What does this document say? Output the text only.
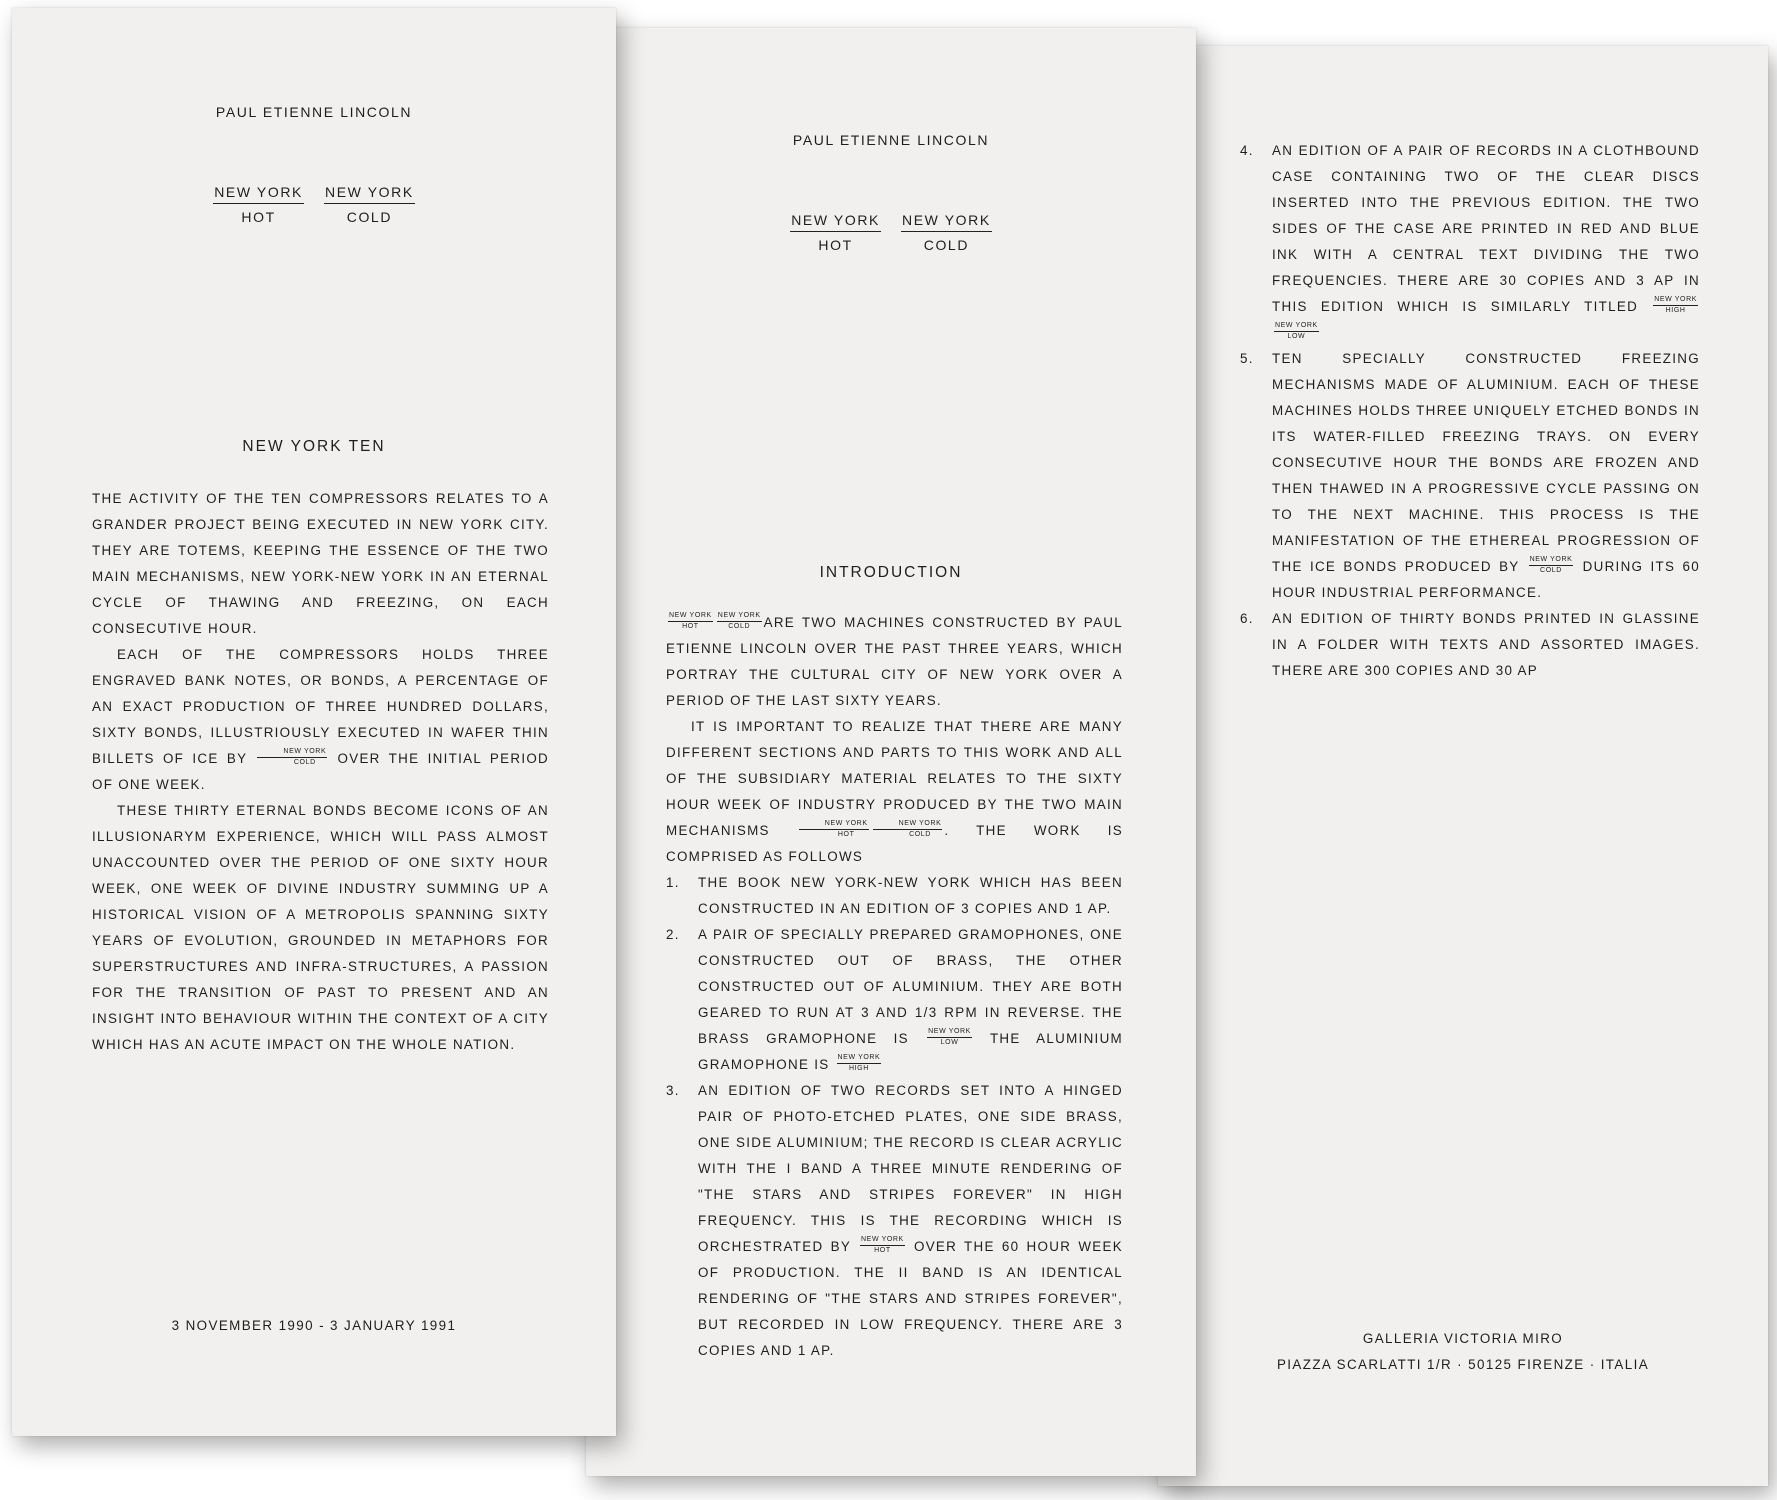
PAUL ETIENNE LINCOLN
$\frac{\text{NEW YORK}}{\text{HOT}} \frac{\text{NEW YORK}}{\text{COLD}}$
NEW YORK TEN

THE ACTIVITY OF THE TEN COMPRESSORS RELATES TO A GRANDER PROJECT BEING EXECUTED IN NEW YORK CITY. THEY ARE TOTEMS, KEEPING THE ESSENCE OF THE TWO MAIN MECHANISMS, NEW YORK-NEW YORK IN AN ETERNAL CYCLE OF THAWING AND FREEZING, ON EACH CONSECUTIVE HOUR.

EACH OF THE COMPRESSORS HOLDS THREE ENGRAVED BANK NOTES, OR BONDS, A PERCENTAGE OF AN EXACT PRODUCTION OF THREE HUNDRED DOLLARS, SIXTY BONDS, ILLUSTRIOUSLY EXECUTED IN WAFER THIN BILLETS OF ICE BY	NEW YORK
COLD OVER THE INITIAL PERIOD OF ONE WEEK.

THESE THIRTY ETERNAL BONDS BECOME ICONS OF AN ILLUSIONARYM EXPERIENCE, WHICH WILL PASS ALMOST UNACCOUNTED OVER THE PERIOD OF ONE SIXTY HOUR WEEK, ONE WEEK OF DIVINE INDUSTRY SUMMING UP A HISTORICAL VISION OF A METROPOLIS SPANNING SIXTY YEARS OF EVOLUTION, GROUNDED IN METAPHORS FOR SUPERSTRUCTURES AND INFRA-STRUCTURES, A PASSION FOR THE TRANSITION OF PAST TO PRESENT AND AN INSIGHT INTO BEHAVIOUR WITHIN THE CONTEXT OF A CITY WHICH HAS AN ACUTE IMPACT ON THE WHOLE NATION.

3 NOVEMBER 1990 - 3 JANUARY 1991
PAUL ETIENNE LINCOLN
$\frac{\text{NEW YORK}}{\text{HOT}} \frac{\text{NEW YORK}}{\text{COLD}}$
INTRODUCTION

NEW YORK
HOT
NEW YORK
COLD ARE TWO MACHINES CONSTRUCTED BY PAUL ETIENNE LINCOLN OVER THE PAST THREE YEARS, WHICH PORTRAY THE CULTURAL CITY OF NEW YORK OVER A PERIOD OF THE LAST SIXTY YEARS.

IT IS IMPORTANT TO REALIZE THAT THERE ARE MANY DIFFERENT SECTIONS AND PARTS TO THIS WORK AND ALL OF THE SUBSIDIARY MATERIAL RELATES TO THE SIXTY HOUR WEEK OF INDUSTRY PRODUCED BY THE TWO MAIN MECHANISMS	NEW YORK
HOT
NEW YORK
COLD . THE WORK IS COMPRISED AS FOLLOWS

1. THE BOOK NEW YORK-NEW YORK WHICH HAS BEEN CONSTRUCTED IN AN EDITION OF 3 COPIES AND 1 AP.
2. A PAIR OF SPECIALLY PREPARED GRAMOPHONES, ONE CONSTRUCTED OUT OF BRASS, THE OTHER CONSTRUCTED OUT OF ALUMINIUM. THEY ARE BOTH GEARED TO RUN AT 3 AND 1/3 RPM IN REVERSE. THE BRASS GRAMOPHONE IS	NEW YORK
LOW THE ALUMINIUM GRAMOPHONE IS NEW YORK
HIGH
3. AN EDITION OF TWO RECORDS SET INTO A HINGED PAIR OF PHOTO-ETCHED PLATES, ONE SIDE BRASS, ONE SIDE ALUMINIUM; THE RECORD IS CLEAR ACRYLIC WITH THE I BAND A THREE MINUTE RENDERING OF "THE STARS AND STRIPES FOREVER" IN HIGH FREQUENCY. THIS IS THE RECORDING WHICH IS ORCHESTRATED BY NEW YORK
HOT OVER THE 60 HOUR WEEK OF PRODUCTION. THE II BAND IS AN IDENTICAL RENDERING OF "THE STARS AND STRIPES FOREVER", BUT RECORDED IN LOW FREQUENCY. THERE ARE 3 COPIES AND 1 AP.
4. AN EDITION OF A PAIR OF RECORDS IN A CLOTHBOUND CASE CONTAINING TWO OF THE CLEAR DISCS INSERTED INTO THE PREVIOUS EDITION. THE TWO SIDES OF THE CASE ARE PRINTED IN RED AND BLUE INK WITH A CENTRAL TEXT DIVIDING THE TWO FREQUENCIES. THERE ARE 30 COPIES AND 3 AP IN THIS EDITION WHICH IS SIMILARLY TITLED NEW YORK
HIGH
NEW YORK
LOW
5. TEN SPECIALLY CONSTRUCTED FREEZING MECHANISMS MADE OF ALUMINIUM. EACH OF THESE MACHINES HOLDS THREE UNIQUELY ETCHED BONDS IN ITS WATER-FILLED FREEZING TRAYS. ON EVERY CONSECUTIVE HOUR THE BONDS ARE FROZEN AND THEN THAWED IN A PROGRESSIVE CYCLE PASSING ON TO THE NEXT MACHINE. THIS PROCESS IS THE MANIFESTATION OF THE ETHEREAL PROGRESSION OF THE ICE BONDS PRODUCED BY NEW YORK
COLD DURING ITS 60 HOUR INDUSTRIAL PERFORMANCE.
6. AN EDITION OF THIRTY BONDS PRINTED IN GLASSINE IN A FOLDER WITH TEXTS AND ASSORTED IMAGES. THERE ARE 300 COPIES AND 30 AP
GALLERIA VICTORIA MIRO
PIAZZA SCARLATTI 1/R · 50125 FIRENZE · ITALIA
